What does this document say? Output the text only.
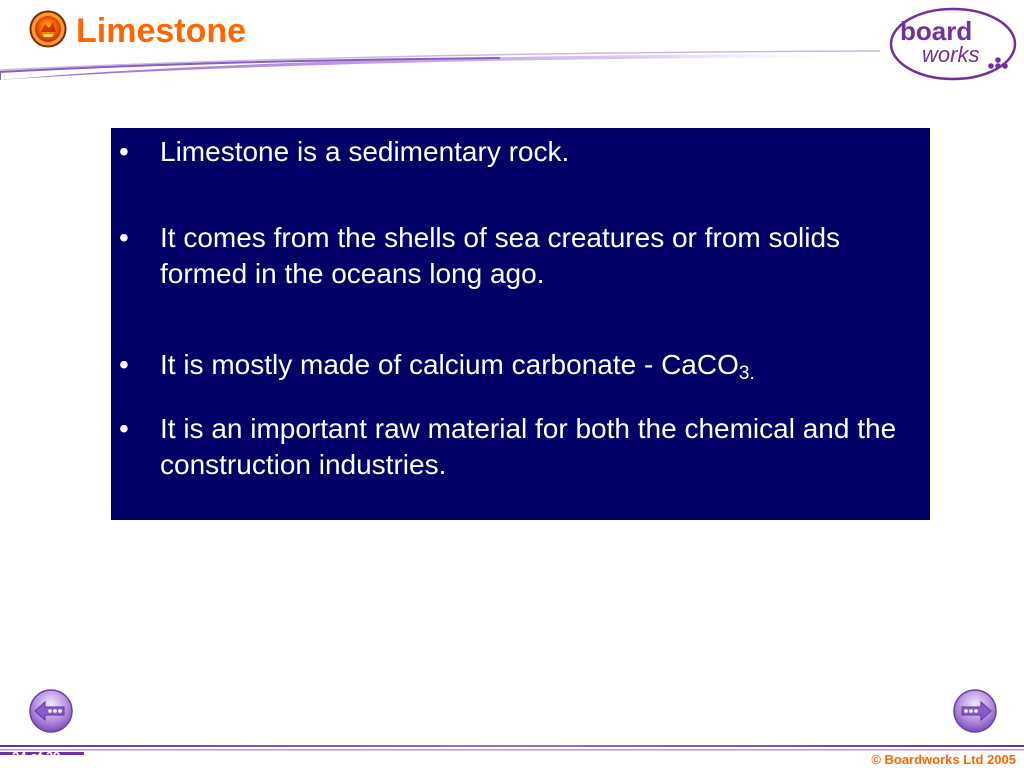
Limestone	board
works
• Limestone is a sedimentary rock.
• It comes from the shells of sea creatures or from solids formed in the oceans long ago.
• It is mostly made of calcium carbonate - CaCO$_{3.}$
• It is an important raw material for both the chemical and the construction industries.
24 of 39	© Boardworks Ltd 2005
